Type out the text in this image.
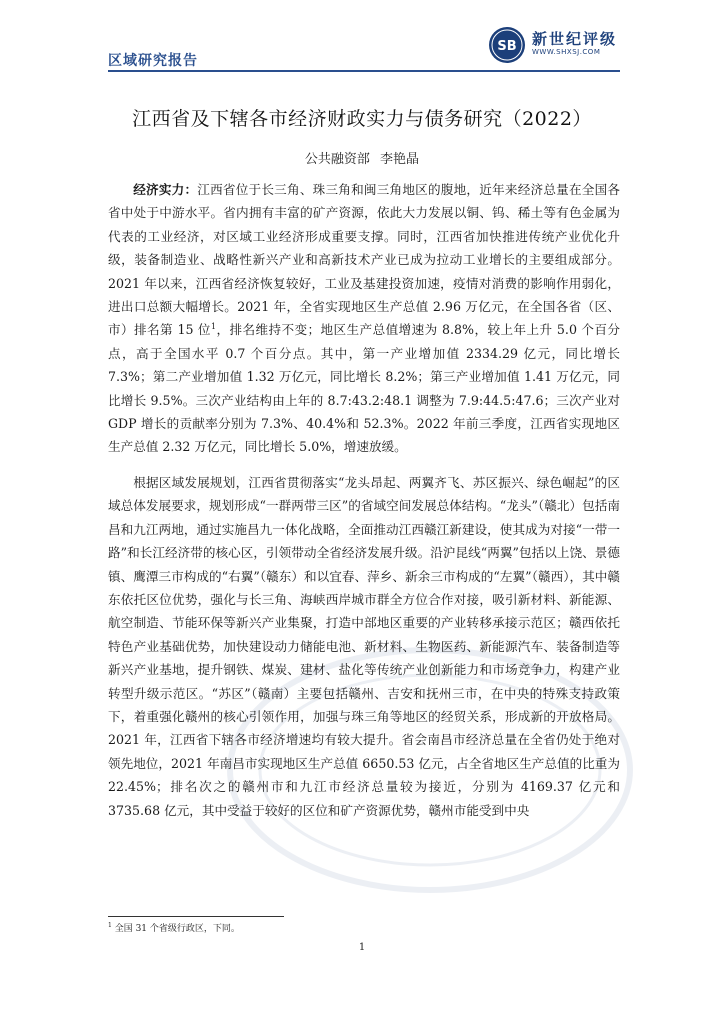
区域研究报告
SB 新世纪评级
WWW.SHXSJ.COM
江西省及下辖各市经济财政实力与债务研究（2022）
公共融资部 李艳晶

经济实力：江西省位于长三角、珠三角和闽三角地区的腹地，近年来经济总量在全国各省中处于中游水平。省内拥有丰富的矿产资源，依此大力发展以铜、钨、稀土等有色金属为代表的工业经济，对区域工业经济形成重要支撑。同时，江西省加快推进传统产业优化升级，装备制造业、战略性新兴产业和高新技术产业已成为拉动工业增长的主要组成部分。2021 年以来，江西省经济恢复较好，工业及基建投资加速，疫情对消费的影响作用弱化，进出口总额大幅增长。2021 年，全省实现地区生产总值 2.96 万亿元，在全国各省（区、市）排名第 15 位$^1$，排名维持不变；地区生产总值增速为 8.8%，较上年上升 5.0 个百分点，高于全国水平 0.7 个百分点。其中，第一产业增加值 2334.29 亿元，同比增长 7.3%；第二产业增加值 1.32 万亿元，同比增长 8.2%；第三产业增加值 1.41 万亿元，同比增长 9.5%。三次产业结构由上年的 8.7:43.2:48.1 调整为 7.9:44.5:47.6；三次产业对 GDP 增长的贡献率分别为 7.3%、40.4%和 52.3%。2022 年前三季度，江西省实现地区生产总值 2.32 万亿元，同比增长 5.0%，增速放缓。

根据区域发展规划，江西省贯彻落实“龙头昂起、两翼齐飞、苏区振兴、绿色崛起”的区域总体发展要求，规划形成“一群两带三区”的省域空间发展总体结构。“龙头”（赣北）包括南昌和九江两地，通过实施昌九一体化战略，全面推动江西赣江新建设，使其成为对接“一带一路”和长江经济带的核心区，引领带动全省经济发展升级。沿沪昆线“两翼”包括以上饶、景德镇、鹰潭三市构成的“右翼”（赣东）和以宜春、萍乡、新余三市构成的“左翼”（赣西），其中赣东依托区位优势，强化与长三角、海峡西岸城市群全方位合作对接，吸引新材料、新能源、航空制造、节能环保等新兴产业集聚，打造中部地区重要的产业转移承接示范区；赣西依托特色产业基础优势，加快建设动力储能电池、新材料、生物医药、新能源汽车、装备制造等新兴产业基地，提升钢铁、煤炭、建材、盐化等传统产业创新能力和市场竞争力，构建产业转型升级示范区。“苏区”（赣南）主要包括赣州、吉安和抚州三市，在中央的特殊支持政策下，着重强化赣州的核心引领作用，加强与珠三角等地区的经贸关系，形成新的开放格局。2021 年，江西省下辖各市经济增速均有较大提升。省会南昌市经济总量在全省仍处于绝对领先地位，2021 年南昌市实现地区生产总值 6650.53 亿元，占全省地区生产总值的比重为 22.45%；排名次之的赣州市和九江市经济总量较为接近，分别为 4169.37 亿元和 3735.68 亿元，其中受益于较好的区位和矿产资源优势，赣州市能受到中央

$^1$ 全国 31 个省级行政区，下同。
1
